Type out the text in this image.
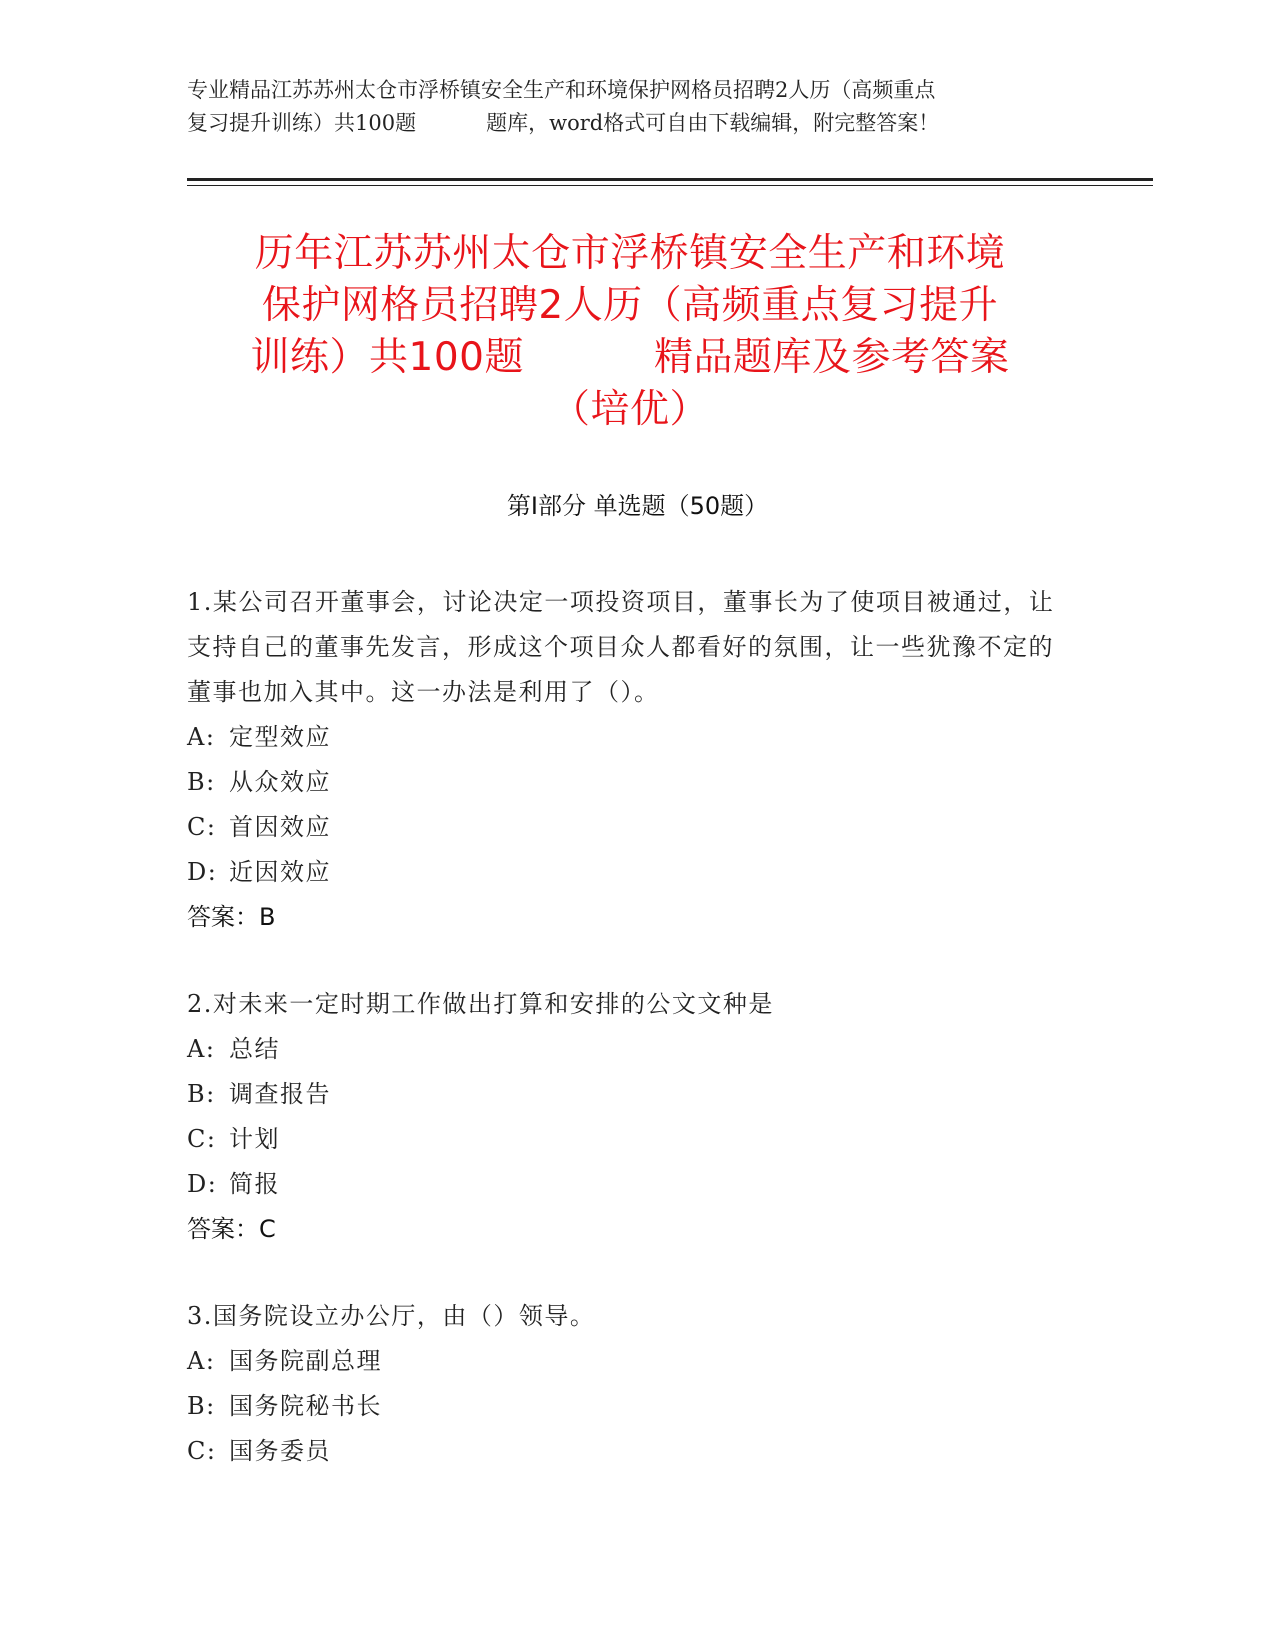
专业精品江苏苏州太仓市浮桥镇安全生产和环境保护网格员招聘2人历（高频重点
复习提升训练）共100题	题库，word格式可自由下载编辑，附完整答案！
历年江苏苏州太仓市浮桥镇安全生产和环境
保护网格员招聘2人历（高频重点复习提升
训练）共100题	精品题库及参考答案
（培优）
第Ⅰ部分 单选题（50题）

1.某公司召开董事会，讨论决定一项投资项目，董事长为了使项目被通过，让支持自己的董事先发言，形成这个项目众人都看好的氛围，让一些犹豫不定的董事也加入其中。这一办法是利用了（）。

A: 定型效应

B: 从众效应

C: 首因效应

D: 近因效应

答案：B

2.对未来一定时期工作做出打算和安排的公文文种是

A: 总结

B: 调查报告

C: 计划

D: 简报

答案：C

3.国务院设立办公厅，由（）领导。

A: 国务院副总理

B: 国务院秘书长

C: 国务委员
